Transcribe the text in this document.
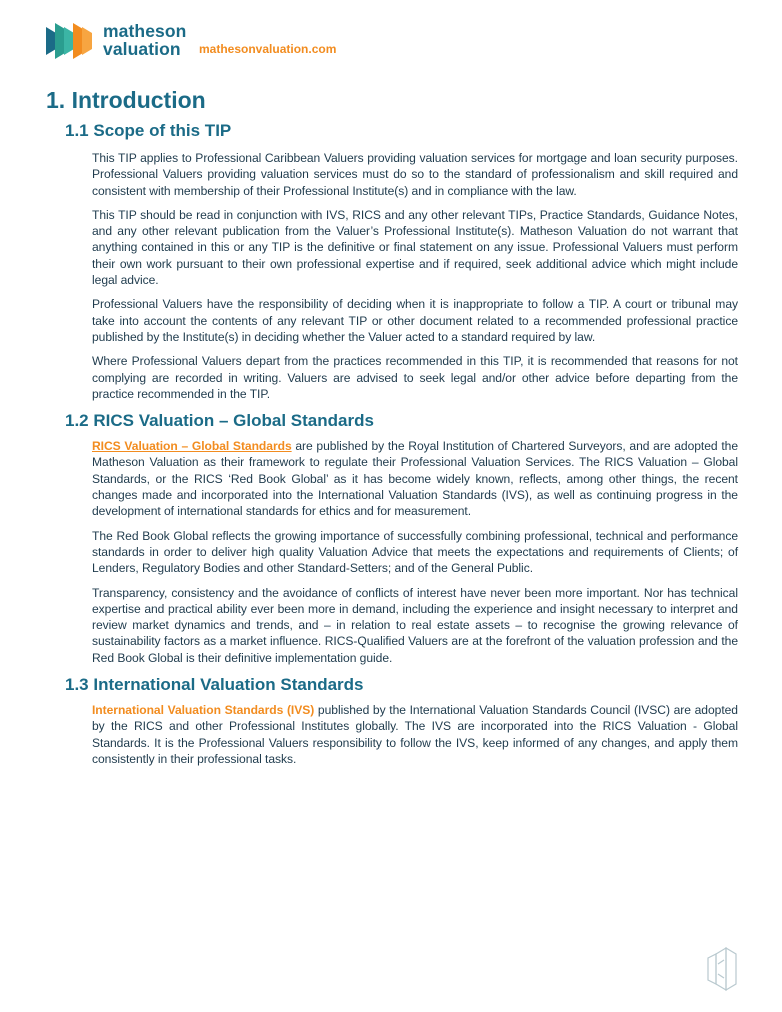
matheson
valuation	mathesonvaluation.com
1. Introduction
1.1 Scope of this TIP

This TIP applies to Professional Caribbean Valuers providing valuation services for mortgage and loan security purposes. Professional Valuers providing valuation services must do so to the standard of professionalism and skill required and consistent with membership of their Professional Institute(s) and in compliance with the law.

This TIP should be read in conjunction with IVS, RICS and any other relevant TIPs, Practice Standards, Guidance Notes, and any other relevant publication from the Valuer’s Professional Institute(s). Matheson Valuation do not warrant that anything contained in this or any TIP is the definitive or final statement on any issue. Professional Valuers must perform their own work pursuant to their own professional expertise and if required, seek additional advice which might include legal advice.

Professional Valuers have the responsibility of deciding when it is inappropriate to follow a TIP. A court or tribunal may take into account the contents of any relevant TIP or other document related to a recommended professional practice published by the Institute(s) in deciding whether the Valuer acted to a standard required by law.

Where Professional Valuers depart from the practices recommended in this TIP, it is recommended that reasons for not complying are recorded in writing. Valuers are advised to seek legal and/or other advice before departing from the practice recommended in the TIP.

1.2 RICS Valuation – Global Standards

RICS Valuation – Global Standards are published by the Royal Institution of Chartered Surveyors, and are adopted the Matheson Valuation as their framework to regulate their Professional Valuation Services. The RICS Valuation – Global Standards, or the RICS ‘Red Book Global’ as it has become widely known, reflects, among other things, the recent changes made and incorporated into the International Valuation Standards (IVS), as well as continuing progress in the development of international standards for ethics and for measurement.

The Red Book Global reflects the growing importance of successfully combining professional, technical and performance standards in order to deliver high quality Valuation Advice that meets the expectations and requirements of Clients; of Lenders, Regulatory Bodies and other Standard-Setters; and of the General Public.

Transparency, consistency and the avoidance of conflicts of interest have never been more important. Nor has technical expertise and practical ability ever been more in demand, including the experience and insight necessary to interpret and review market dynamics and trends, and – in relation to real estate assets – to recognise the growing relevance of sustainability factors as a market influence. RICS-Qualified Valuers are at the forefront of the valuation profession and the Red Book Global is their definitive implementation guide.

1.3 International Valuation Standards

International Valuation Standards (IVS) published by the International Valuation Standards Council (IVSC) are adopted by the RICS and other Professional Institutes globally. The IVS are incorporated into the RICS Valuation - Global Standards. It is the Professional Valuers responsibility to follow the IVS, keep informed of any changes, and apply them consistently in their professional tasks.
